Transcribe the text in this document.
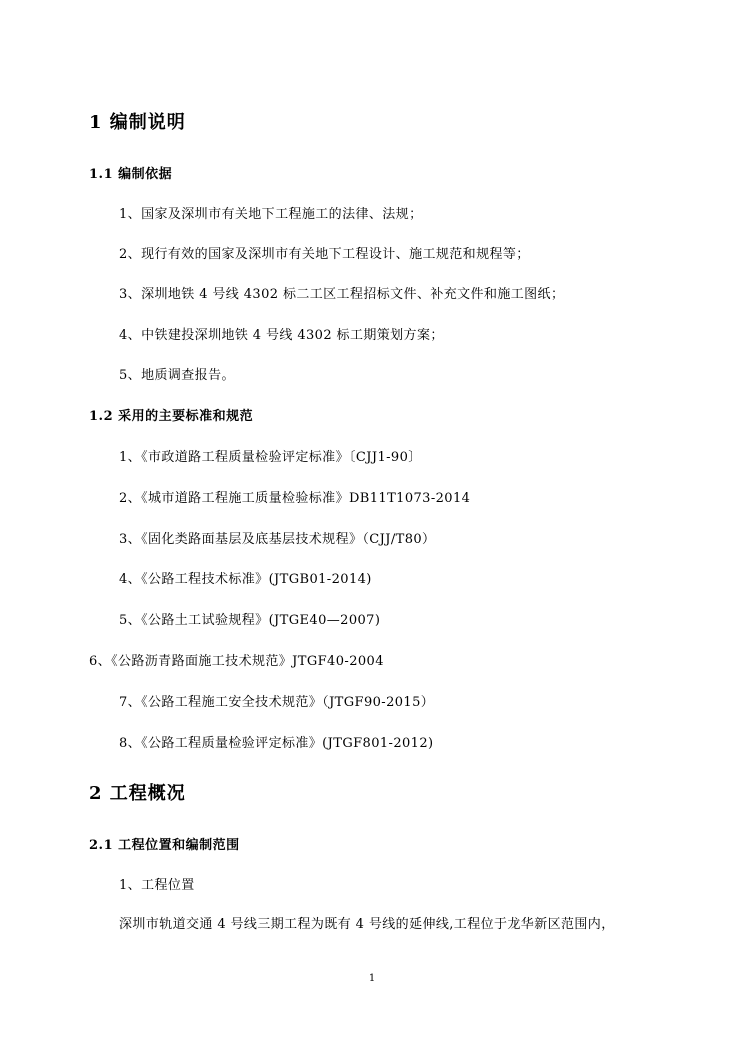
1 编制说明
1.1 编制依据
1、国家及深圳市有关地下工程施工的法律、法规；
2、现行有效的国家及深圳市有关地下工程设计、施工规范和规程等；
3、深圳地铁 4 号线 4302 标二工区工程招标文件、补充文件和施工图纸；
4、中铁建投深圳地铁 4 号线 4302 标工期策划方案；
5、地质调查报告。
1.2 采用的主要标准和规范
1、《市政道路工程质量检验评定标准》〔CJJ1-90〕
2、《城市道路工程施工质量检验标准》DB11T1073-2014
3、《固化类路面基层及底基层技术规程》（CJJ/T80）
4、《公路工程技术标准》(JTGB01-2014)
5、《公路土工试验规程》(JTGE40—2007)
6、《公路沥青路面施工技术规范》JTGF40-2004
7、《公路工程施工安全技术规范》（JTGF90-2015）
8、《公路工程质量检验评定标准》(JTGF801-2012)
2 工程概况
2.1 工程位置和编制范围
1、工程位置
深圳市轨道交通 4 号线三期工程为既有 4 号线的延伸线,工程位于龙华新区范围内，
1
